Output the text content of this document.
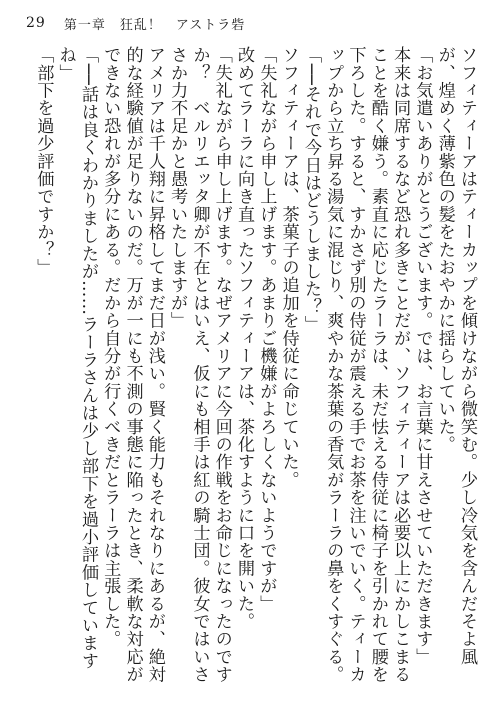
29 第一章　狂乱！　アストラ砦

ソフィティーアはティーカップを傾けながら微笑む。少し冷気を含んだそよ風が、煌めく薄紫色の髪をたおやかに揺らしていた。

「お気遣いありがとうございます。では、お言葉に甘えさせていただきます」

本来は同席するなど恐れ多きことだが、ソフィティーアは必要以上にかしこまることを酷く嫌う。素直に応じたラーラは、未だ怯える侍従に椅子を引かれて腰を下ろした。すると、すかさず別の侍従が震える手でお茶を注いでいく。ティーカップから立ち昇る湯気に混じり、爽やかな茶葉の香気がラーラの鼻をくすぐる。

「──それで今日はどうしました？」

ソフィティーアは、茶菓子の追加を侍従に命じていた。

「失礼ながら申し上げます。あまりご機嫌がよろしくないようですが」

改めてラーラに向き直ったソフィティーアは、茶化すように口を開いた。

「失礼ながら申し上げます。なぜアメリアに今回の作戦をお命じになったのですか？　ベルリエッタ卿が不在とはいえ、仮にも相手は紅の騎士団。彼女ではいささか力不足かと愚考いたしますが」

アメリアは千人翔に昇格してまだ日が浅い。賢く能力もそれなりにあるが、絶対的な経験値が足りないのだ。万が一にも不測の事態に陥ったとき、柔軟な対応ができない恐れが多分にある。だから自分が行くべきだとラーラは主張した。

「──話は良くわかりましたが……ラーラさんは少し部下を過小評価していますね」

「部下を過少評価ですか？」
